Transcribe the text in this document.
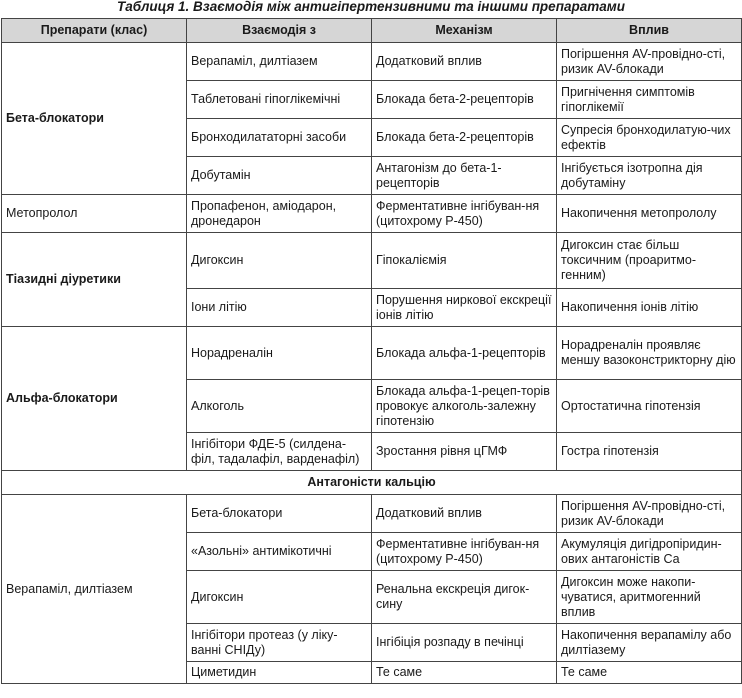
Таблиця 1. Взаємодія між антигіпертензивними та іншими препаратами
Препарати (клас)	Взаємодія з	Механізм	Вплив
Бета-блокатори	Верапаміл, дилтіазем	Додатковий вплив	Погіршення AV-провідно-сті, ризик AV-блокади
	Таблетовані гіпоглікемічні	Блокада бета-2-рецепторів	Пригнічення симптомів гіпоглікемії
	Бронходилататорні засоби	Блокада бета-2-рецепторів	Супресія бронходилатую-чих ефектів
	Добутамін	Антагонізм до бета-1-рецепторів	Інгібується ізотропна дія добутаміну
Метопролол	Пропафенон, аміодарон, дронедарон	Ферментативне інгібуван-ня (цитохрому Р-450)	Накопичення метопрололу
Тіазидні діуретики	Дигоксин	Гіпокаліємія	Дигоксин стає більш токсичним (проаритмо-генним)
	Іони літію	Порушення ниркової екскреції іонів літію	Накопичення іонів літію
Альфа-блокатори	Норадреналін	Блокада альфа-1-рецепторів	Норадреналін проявляє меншу вазоконстрикторну дію
	Алкоголь	Блокада альфа-1-рецеп-торів провокує алкоголь-залежну гіпотензію	Ортостатична гіпотензія
	Інгібітори ФДЕ-5 (силдена-філ, тадалафіл, варденафіл)	Зростання рівня цГМФ	Гостра гіпотензія
Антагоністи кальцію			
Верапаміл, дилтіазем	Бета-блокатори	Додатковий вплив	Погіршення AV-провідно-сті, ризик AV-блокади
	«Азольні» антимікотичні	Ферментативне інгібуван-ня (цитохрому Р-450)	Акумуляція дигідропіридин-ових антагоністів Са
	Дигоксин	Ренальна екскреція дигок-сину	Дигоксин може накопи-чуватися, аритмогенний вплив
	Інгібітори протеаз (у ліку-ванні СНІДу)	Інгібіція розпаду в печінці	Накопичення верапамілу або дилтіазему
	Циметидин	Те саме	Те саме
